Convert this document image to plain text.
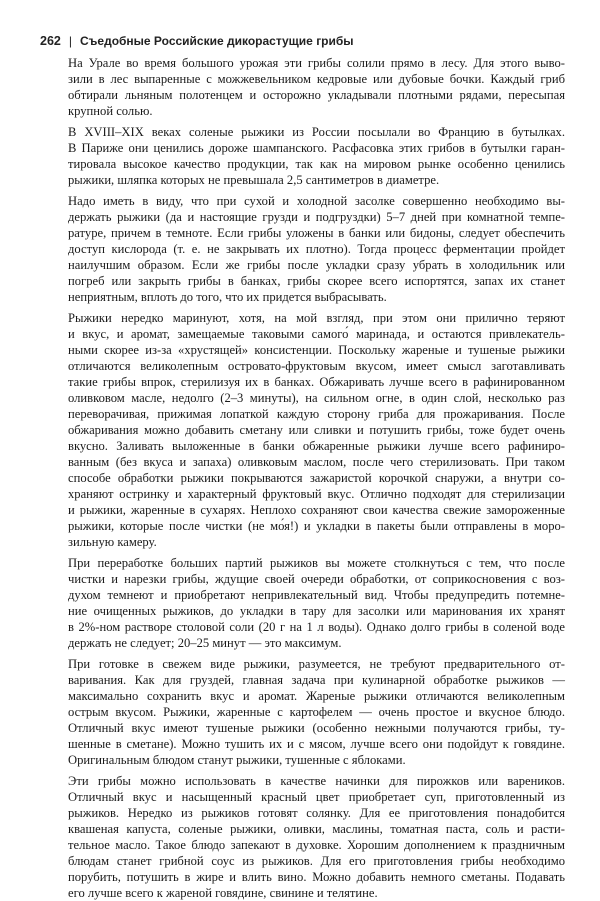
262 | Съедобные Российские дикорастущие грибы

На Урале во время большого урожая эти грибы солили прямо в лесу. Для этого выво-
зили в лес выпаренные с можжевельником кедровые или дубовые бочки. Каждый гриб
обтирали льняным полотенцем и осторожно укладывали плотными рядами, пересыпая
крупной солью.

В XVIII–XIX веках соленые рыжики из России посылали во Францию в бутылках.
В Париже они ценились дороже шампанского. Расфасовка этих грибов в бутылки гаран-
тировала высокое качество продукции, так как на мировом рынке особенно ценились
рыжики, шляпка которых не превышала 2,5 сантиметров в диаметре.

Надо иметь в виду, что при сухой и холодной засолке совершенно необходимо вы-
держать рыжики (да и настоящие грузди и подгруздки) 5–7 дней при комнатной темпе-
ратуре, причем в темноте. Если грибы уложены в банки или бидоны, следует обеспечить
доступ кислорода (т. е. не закрывать их плотно). Тогда процесс ферментации пройдет
наилучшим образом. Если же грибы после укладки сразу убрать в холодильник или
погреб или закрыть грибы в банках, грибы скорее всего испортятся, запах их станет
неприятным, вплоть до того, что их придется выбрасывать.

Рыжики нередко маринуют, хотя, на мой взгляд, при этом они прилично теряют
и вкус, и аромат, замещаемые таковыми самого́ маринада, и остаются привлекатель-
ными скорее из-за «хрустящей» консистенции. Поскольку жареные и тушеные рыжики
отличаются великолепным островато-фруктовым вкусом, имеет смысл заготавливать
такие грибы впрок, стерилизуя их в банках. Обжаривать лучше всего в рафинированном
оливковом масле, недолго (2–3 минуты), на сильном огне, в один слой, несколько раз
переворачивая, прижимая лопаткой каждую сторону гриба для прожаривания. После
обжаривания можно добавить сметану или сливки и потушить грибы, тоже будет очень
вкусно. Заливать выложенные в банки обжаренные рыжики лучше всего рафиниро-
ванным (без вкуса и запаха) оливковым маслом, после чего стерилизовать. При таком
способе обработки рыжики покрываются зажаристой корочкой снаружи, а внутри со-
храняют остринку и характерный фруктовый вкус. Отлично подходят для стерилизации
и рыжики, жаренные в сухарях. Неплохо сохраняют свои качества свежие замороженные
рыжики, которые после чистки (не мо́я!) и укладки в пакеты были отправлены в моро-
зильную камеру.

При переработке больших партий рыжиков вы можете столкнуться с тем, что после
чистки и нарезки грибы, ждущие своей очереди обработки, от соприкосновения с воз-
духом темнеют и приобретают непривлекательный вид. Чтобы предупредить потемне-
ние очищенных рыжиков, до укладки в тару для засолки или маринования их хранят
в 2%-ном растворе столовой соли (20 г на 1 л воды). Однако долго грибы в соленой воде
держать не следует; 20–25 минут — это максимум.

При готовке в свежем виде рыжики, разумеется, не требуют предварительного от-
варивания. Как для груздей, главная задача при кулинарной обработке рыжиков —
максимально сохранить вкус и аромат. Жареные рыжики отличаются великолепным
острым вкусом. Рыжики, жаренные с картофелем — очень простое и вкусное блюдо.
Отличный вкус имеют тушеные рыжики (особенно нежными получаются грибы, ту-
шенные в сметане). Можно тушить их и с мясом, лучше всего они подойдут к говядине.
Оригинальным блюдом станут рыжики, тушенные с яблоками.

Эти грибы можно использовать в качестве начинки для пирожков или вареников.
Отличный вкус и насыщенный красный цвет приобретает суп, приготовленный из
рыжиков. Нередко из рыжиков готовят солянку. Для ее приготовления понадобится
квашеная капуста, соленые рыжики, оливки, маслины, томатная паста, соль и расти-
тельное масло. Такое блюдо запекают в духовке. Хорошим дополнением к праздничным
блюдам станет грибной соус из рыжиков. Для его приготовления грибы необходимо
порубить, потушить в жире и влить вино. Можно добавить немного сметаны. Подавать
его лучше всего к жареной говядине, свинине и телятине.
